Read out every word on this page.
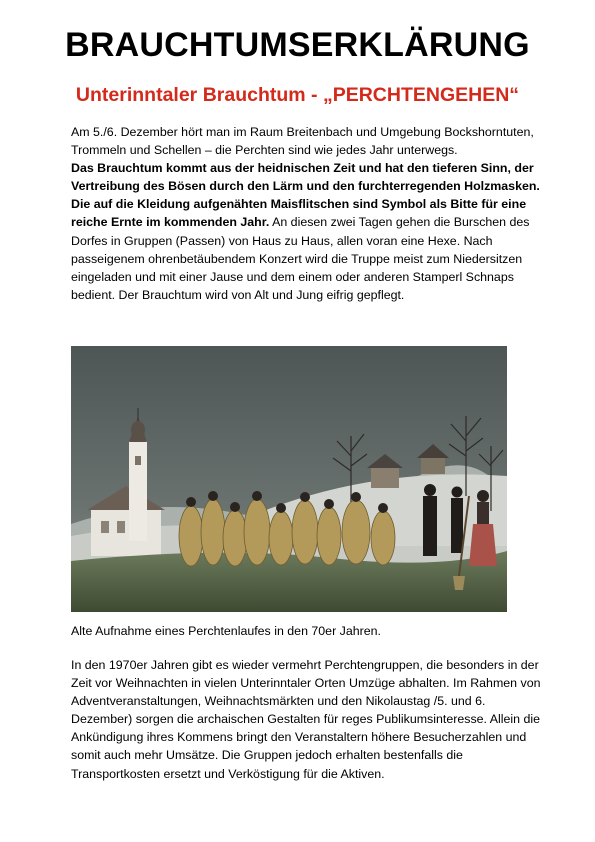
BRAUCHTUMSERKLÄRUNG
Unterinntaler Brauchtum - „PERCHTENGEHEN“

Am 5./6. Dezember hört man im Raum Breitenbach und Umgebung Bockshorntuten, Trommeln und Schellen – die Perchten sind wie jedes Jahr unterwegs.
Das Brauchtum kommt aus der heidnischen Zeit und hat den tieferen Sinn, der Vertreibung des Bösen durch den Lärm und den furchterregenden Holzmasken. Die auf die Kleidung aufgenähten Maisflitschen sind Symbol als Bitte für eine reiche Ernte im kommenden Jahr. An diesen zwei Tagen gehen die Burschen des Dorfes in Gruppen (Passen) von Haus zu Haus, allen voran eine Hexe. Nach passeigenem ohrenbetäubendem Konzert wird die Truppe meist zum Niedersitzen eingeladen und mit einer Jause und dem einem oder anderen Stamperl Schnaps bedient. Der Brauchtum wird von Alt und Jung eifrig gepflegt.

Alte Aufnahme eines Perchtenlaufes in den 70er Jahren.

In den 1970er Jahren gibt es wieder vermehrt Perchtengruppen, die besonders in der Zeit vor Weihnachten in vielen Unterinntaler Orten Umzüge abhalten. Im Rahmen von Adventveranstaltungen, Weihnachtsmärkten und den Nikolaustag /5. und 6. Dezember) sorgen die archaischen Gestalten für reges Publikumsinteresse. Allein die Ankündigung ihres Kommens bringt den Veranstaltern höhere Besucherzahlen und somit auch mehr Umsätze. Die Gruppen jedoch erhalten bestenfalls die Transportkosten ersetzt und Verköstigung für die Aktiven.
